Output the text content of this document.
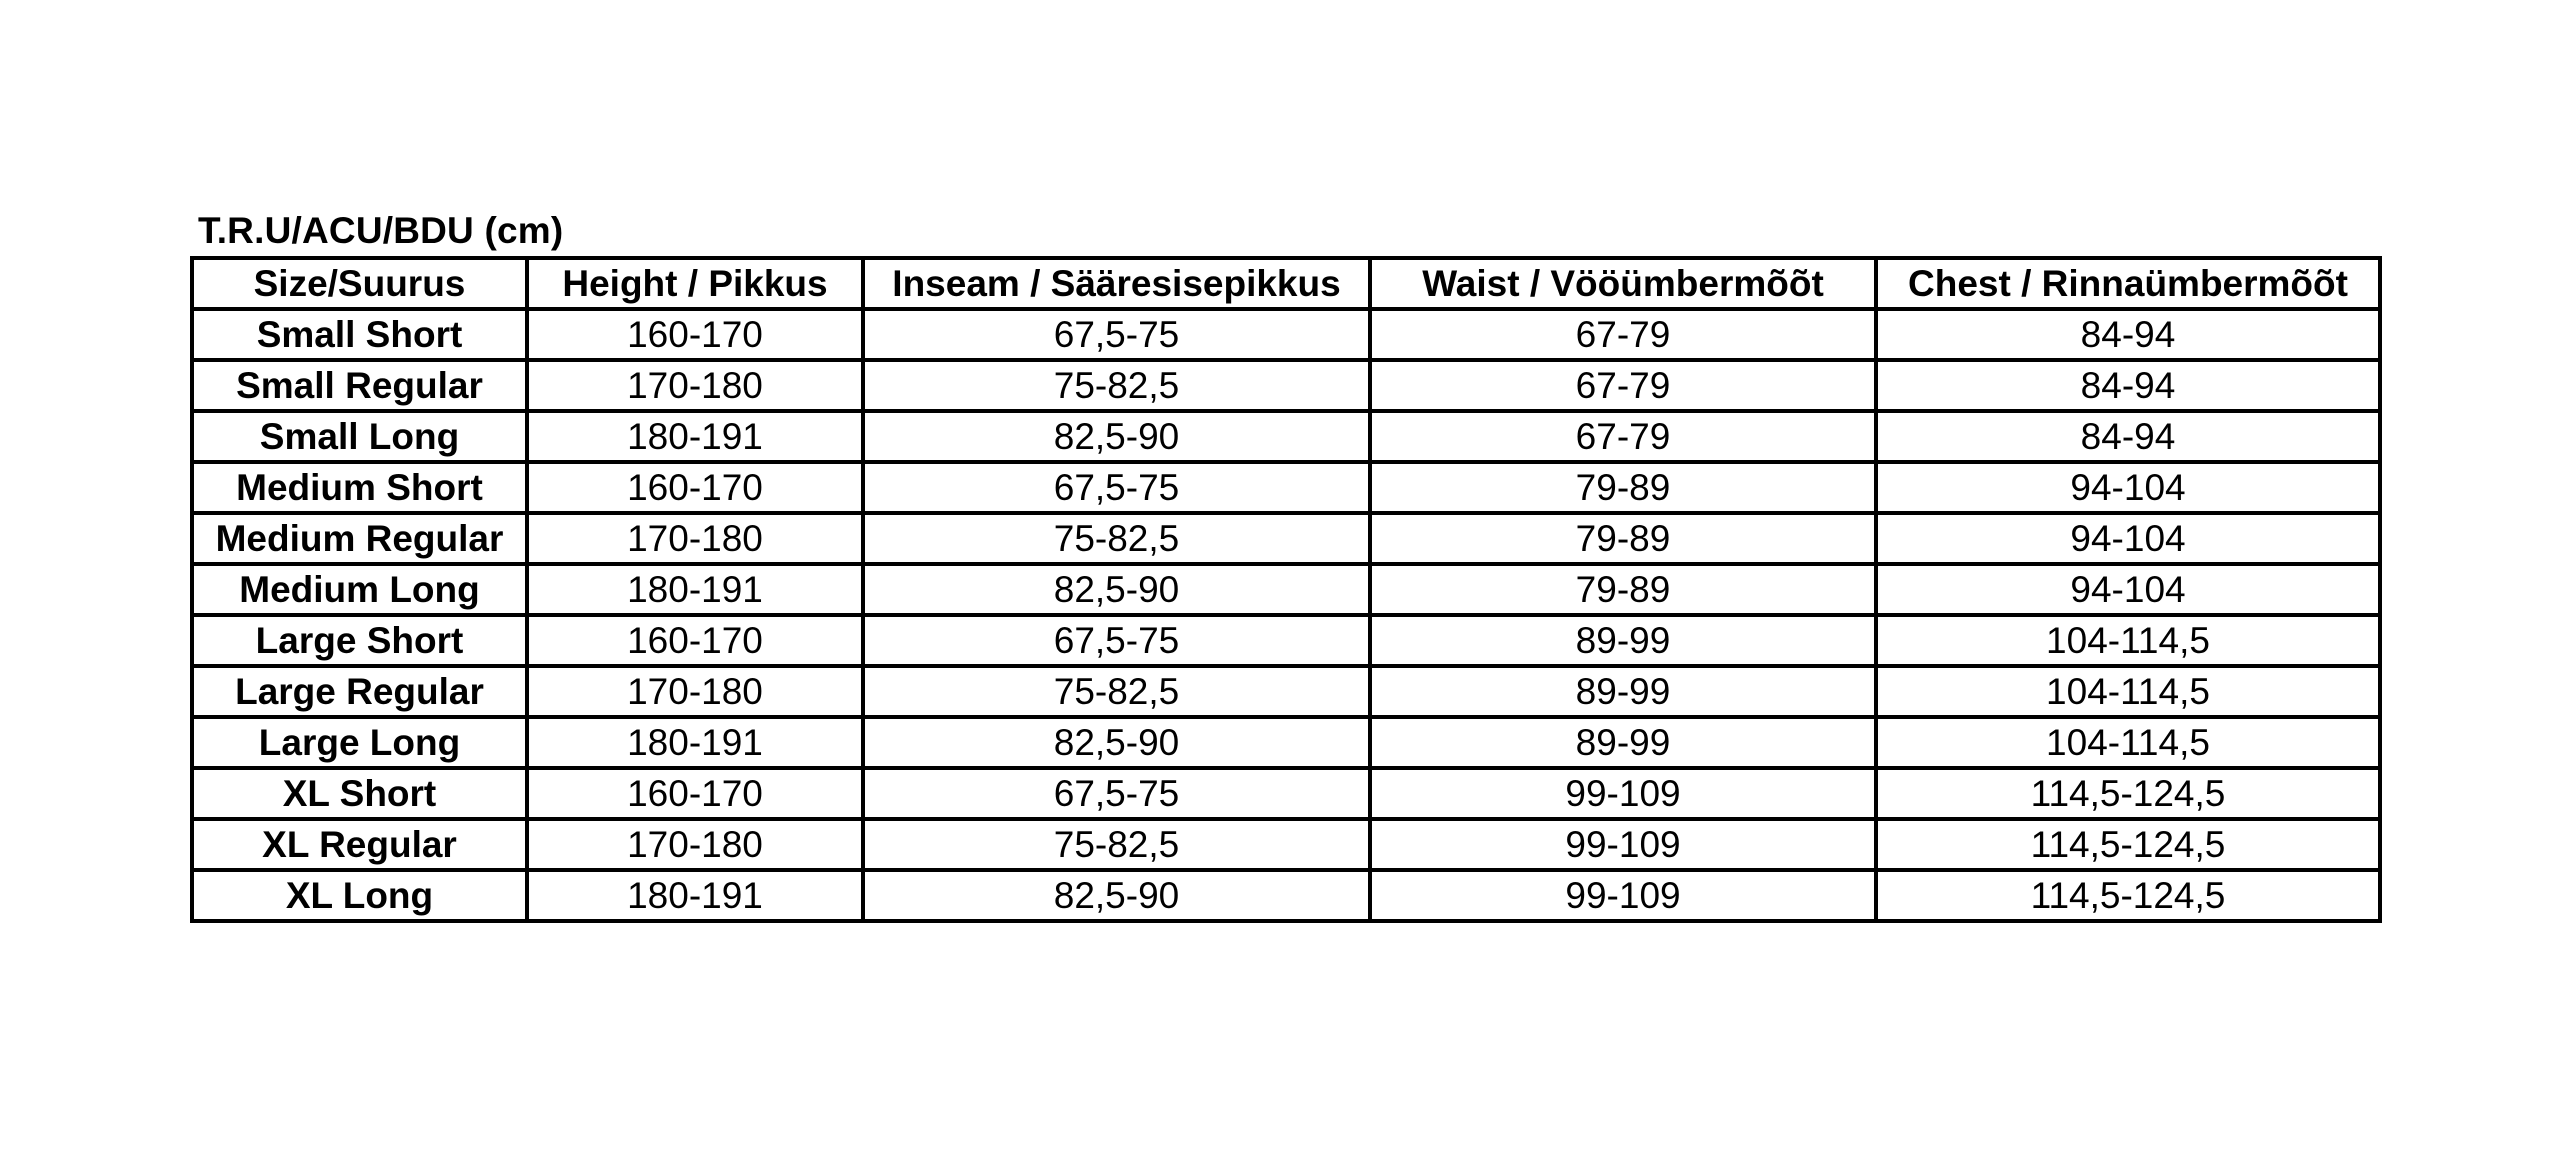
T.R.U/ACU/BDU (cm)
Size/Suurus	Height / Pikkus	Inseam / Sääresisepikkus	Waist / Vööümbermõõt	Chest / Rinnaümbermõõt
Small Short	160-170	67,5-75	67-79	84-94
Small Regular	170-180	75-82,5	67-79	84-94
Small Long	180-191	82,5-90	67-79	84-94
Medium Short	160-170	67,5-75	79-89	94-104
Medium Regular	170-180	75-82,5	79-89	94-104
Medium Long	180-191	82,5-90	79-89	94-104
Large Short	160-170	67,5-75	89-99	104-114,5
Large Regular	170-180	75-82,5	89-99	104-114,5
Large Long	180-191	82,5-90	89-99	104-114,5
XL Short	160-170	67,5-75	99-109	114,5-124,5
XL Regular	170-180	75-82,5	99-109	114,5-124,5
XL Long	180-191	82,5-90	99-109	114,5-124,5
